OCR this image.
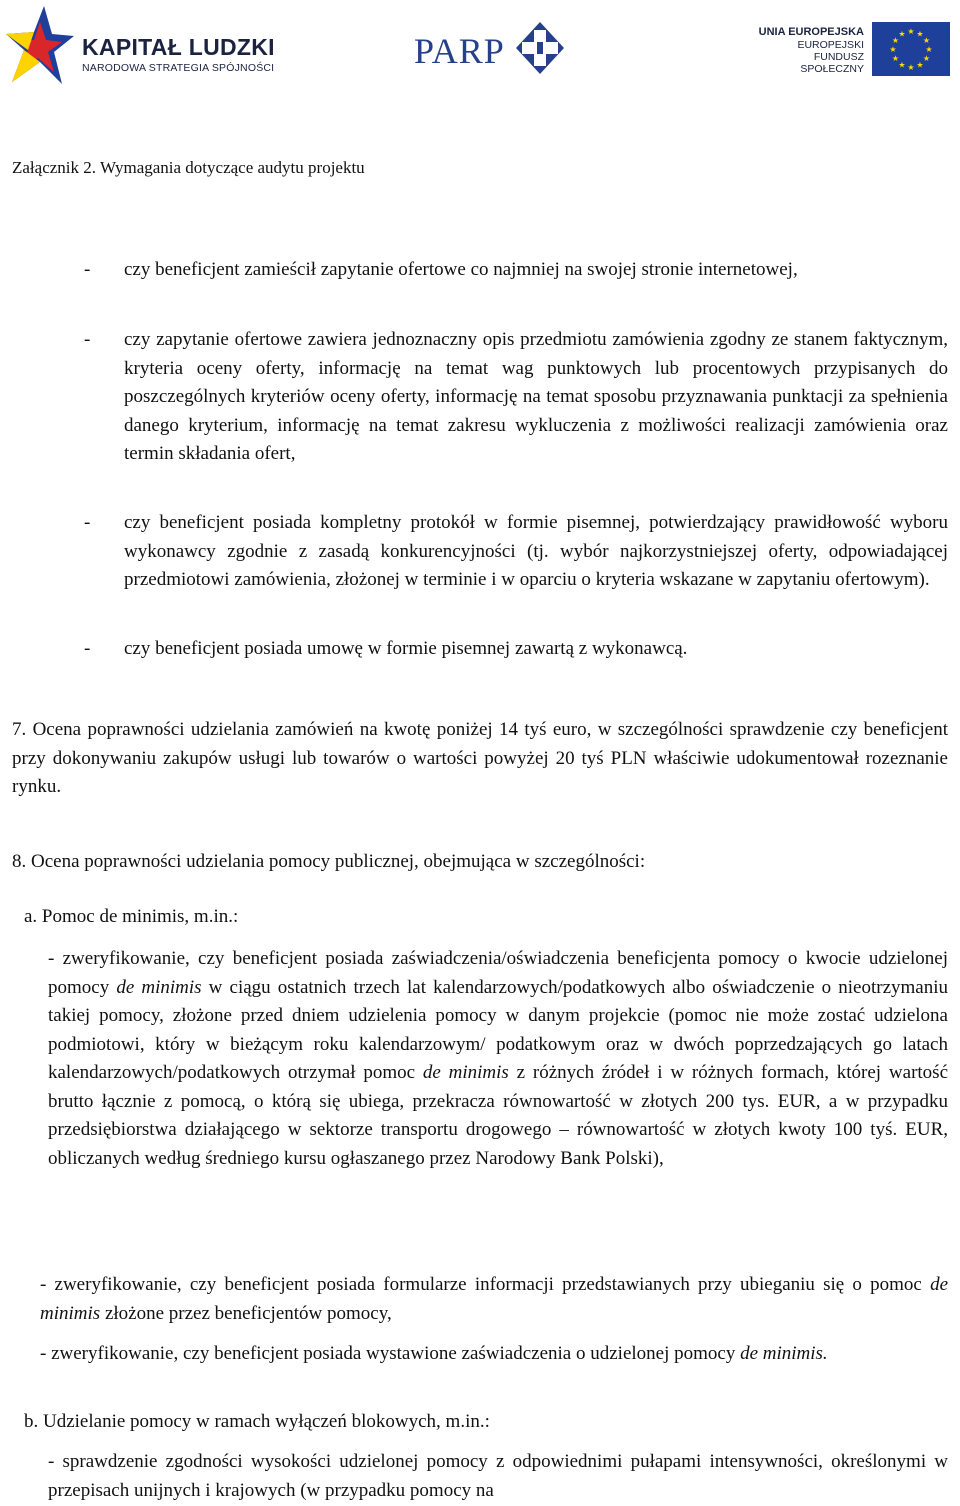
KAPITAŁ LUDZKI
NARODOWA STRATEGIA SPÓJNOŚCI	PARP	UNIA EUROPEJSKA
EUROPEJSKI
FUNDUSZ SPOŁECZNY
★ ★
★
★
★
★
★
★
★
★
★
★
Załącznik 2. Wymagania dotyczące audytu projektu
- czy beneficjent zamieścił zapytanie ofertowe co najmniej na swojej stronie internetowej,
- czy zapytanie ofertowe zawiera jednoznaczny opis przedmiotu zamówienia zgodny ze stanem faktycznym, kryteria oceny oferty, informację na temat wag punktowych lub procentowych przypisanych do poszczególnych kryteriów oceny oferty, informację na temat sposobu przyznawania punktacji za spełnienia danego kryterium, informację na temat zakresu wykluczenia z możliwości realizacji zamówienia oraz termin składania ofert,
- czy beneficjent posiada kompletny protokół w formie pisemnej, potwierdzający prawidłowość wyboru wykonawcy zgodnie z zasadą konkurencyjności (tj. wybór najkorzystniejszej oferty, odpowiadającej przedmiotowi zamówienia, złożonej w terminie i w oparciu o kryteria wskazane w zapytaniu ofertowym).
- czy beneficjent posiada umowę w formie pisemnej zawartą z wykonawcą.
7. Ocena poprawności udzielania zamówień na kwotę poniżej 14 tyś euro, w szczególności sprawdzenie czy beneficjent przy dokonywaniu zakupów usługi lub towarów o wartości powyżej 20 tyś PLN właściwie udokumentował rozeznanie rynku.
8. Ocena poprawności udzielania pomocy publicznej, obejmująca w szczególności:
a. Pomoc de minimis, m.in.:
- zweryfikowanie, czy beneficjent posiada zaświadczenia/oświadczenia beneficjenta pomocy o kwocie udzielonej pomocy de minimis w ciągu ostatnich trzech lat kalendarzowych/podatkowych albo oświadczenie o nieotrzymaniu takiej pomocy, złożone przed dniem udzielenia pomocy w danym projekcie (pomoc nie może zostać udzielona podmiotowi, który w bieżącym roku kalendarzowym/ podatkowym oraz w dwóch poprzedzających go latach kalendarzowych/podatkowych otrzymał pomoc de minimis z różnych źródeł i w różnych formach, której wartość brutto łącznie z pomocą, o którą się ubiega, przekracza równowartość w złotych 200 tys. EUR, a w przypadku przedsiębiorstwa działającego w sektorze transportu drogowego – równowartość w złotych kwoty 100 tyś. EUR, obliczanych według średniego kursu ogłaszanego przez Narodowy Bank Polski),
- zweryfikowanie, czy beneficjent posiada formularze informacji przedstawianych przy ubieganiu się o pomoc de minimis złożone przez beneficjentów pomocy,
- zweryfikowanie, czy beneficjent posiada wystawione zaświadczenia o udzielonej pomocy de minimis.
b. Udzielanie pomocy w ramach wyłączeń blokowych, m.in.:
- sprawdzenie zgodności wysokości udzielonej pomocy z odpowiednimi pułapami intensywności, określonymi w przepisach unijnych i krajowych (w przypadku pomocy na
